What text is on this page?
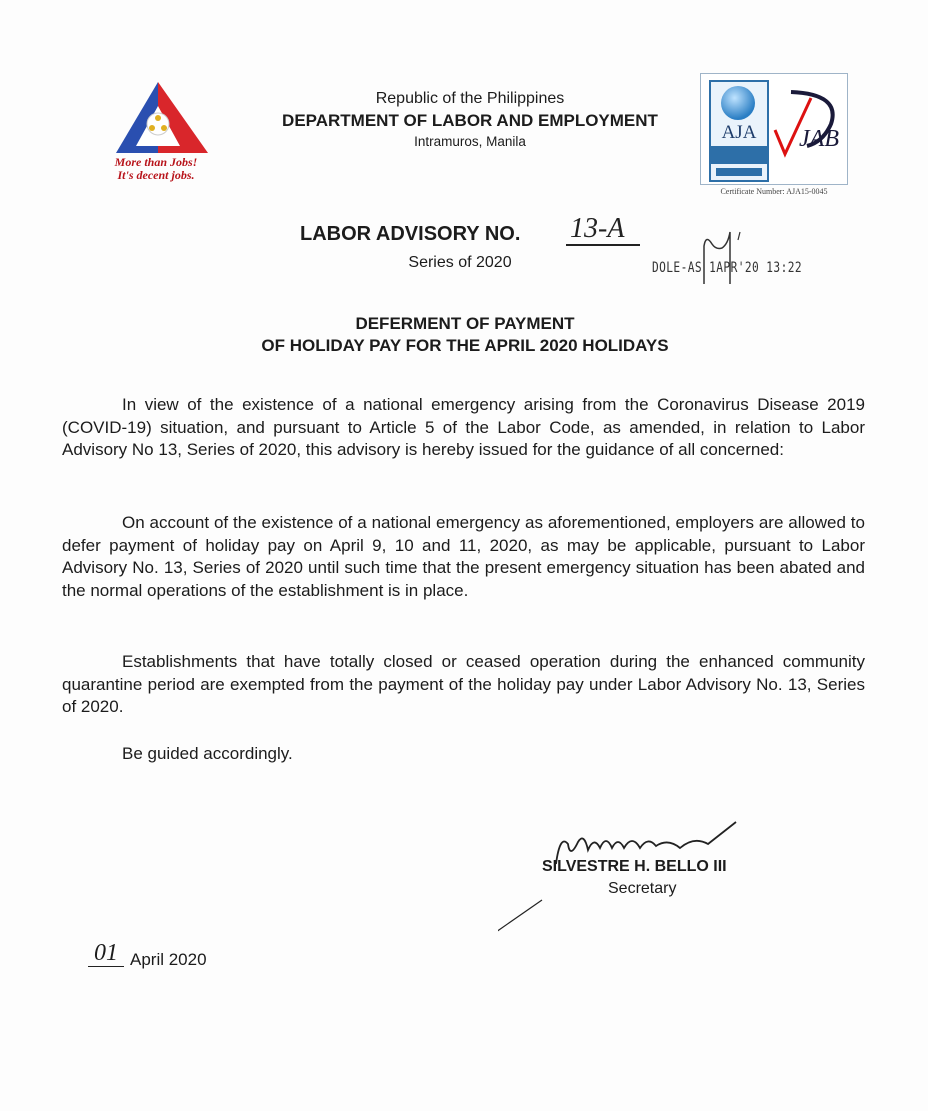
More than Jobs!
It's decent jobs.
Republic of the Philippines
DEPARTMENT OF LABOR AND EMPLOYMENT
Intramuros, Manila	AJA	JAB
Certificate Number: AJA15-0045
LABOR ADVISORY NO. 13-A
Series of 2020	DOLE-AS 1APR'20 13:22
DEFERMENT OF PAYMENT
OF HOLIDAY PAY FOR THE APRIL 2020 HOLIDAYS
In view of the existence of a national emergency arising from the Coronavirus Disease 2019 (COVID-19) situation, and pursuant to Article 5 of the Labor Code, as amended, in relation to Labor Advisory No 13, Series of 2020, this advisory is hereby issued for the guidance of all concerned:
On account of the existence of a national emergency as aforementioned, employers are allowed to defer payment of holiday pay on April 9, 10 and 11, 2020, as may be applicable, pursuant to Labor Advisory No. 13, Series of 2020 until such time that the present emergency situation has been abated and the normal operations of the establishment is in place.
Establishments that have totally closed or ceased operation during the enhanced community quarantine period are exempted from the payment of the holiday pay under Labor Advisory No. 13, Series of 2020.
Be guided accordingly.
SILVESTRE H. BELLO III
Secretary
01 April 2020
